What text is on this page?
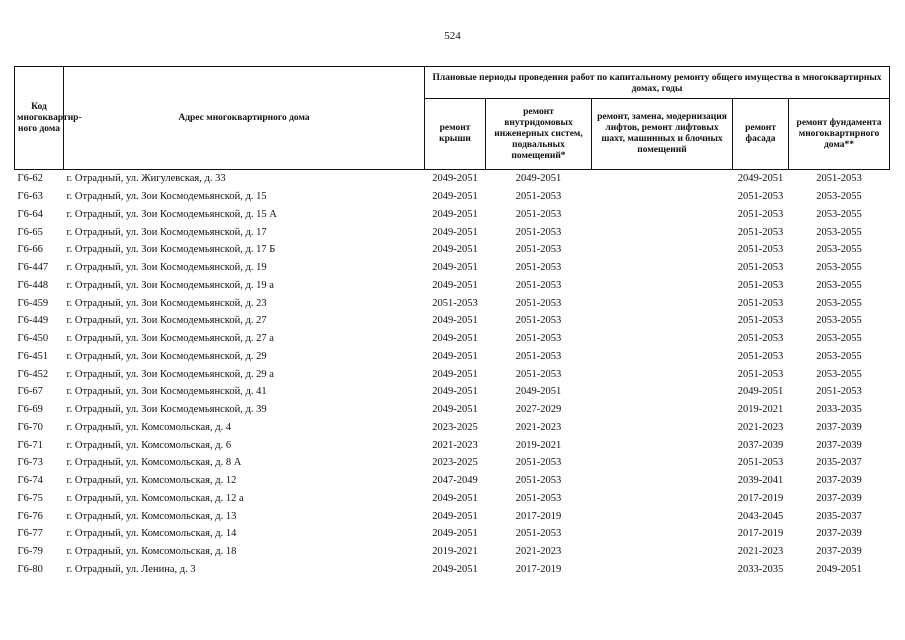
524
Код многоквартир-ного дома	Адрес многоквартирного дома	Плановые периоды проведения работ по капитальному ремонту общего имущества в многоквартирных домах, годы				
		ремонт крыши	ремонт внутридомовых инженерных систем, подвальных помещений*	ремонт, замена, модернизация лифтов, ремонт лифтовых шахт, машинных и блочных помещений	ремонт фасада	ремонт фундамента многоквартирного дома**
Г6-62	г. Отрадный, ул. Жигулевская, д. 33	2049-2051	2049-2051		2049-2051	2051-2053
Г6-63	г. Отрадный, ул. Зои Космодемьянской, д. 15	2049-2051	2051-2053		2051-2053	2053-2055
Г6-64	г. Отрадный, ул. Зои Космодемьянской, д. 15 А	2049-2051	2051-2053		2051-2053	2053-2055
Г6-65	г. Отрадный, ул. Зои Космодемьянской, д. 17	2049-2051	2051-2053		2051-2053	2053-2055
Г6-66	г. Отрадный, ул. Зои Космодемьянской, д. 17 Б	2049-2051	2051-2053		2051-2053	2053-2055
Г6-447	г. Отрадный, ул. Зои Космодемьянской, д. 19	2049-2051	2051-2053		2051-2053	2053-2055
Г6-448	г. Отрадный, ул. Зои Космодемьянской, д. 19 а	2049-2051	2051-2053		2051-2053	2053-2055
Г6-459	г. Отрадный, ул. Зои Космодемьянской, д. 23	2051-2053	2051-2053		2051-2053	2053-2055
Г6-449	г. Отрадный, ул. Зои Космодемьянской, д. 27	2049-2051	2051-2053		2051-2053	2053-2055
Г6-450	г. Отрадный, ул. Зои Космодемьянской, д. 27 а	2049-2051	2051-2053		2051-2053	2053-2055
Г6-451	г. Отрадный, ул. Зои Космодемьянской, д. 29	2049-2051	2051-2053		2051-2053	2053-2055
Г6-452	г. Отрадный, ул. Зои Космодемьянской, д. 29 а	2049-2051	2051-2053		2051-2053	2053-2055
Г6-67	г. Отрадный, ул. Зои Космодемьянской, д. 41	2049-2051	2049-2051		2049-2051	2051-2053
Г6-69	г. Отрадный, ул. Зои Космодемьянской, д. 39	2049-2051	2027-2029		2019-2021	2033-2035
Г6-70	г. Отрадный, ул. Комсомольская, д. 4	2023-2025	2021-2023		2021-2023	2037-2039
Г6-71	г. Отрадный, ул. Комсомольская, д. 6	2021-2023	2019-2021		2037-2039	2037-2039
Г6-73	г. Отрадный, ул. Комсомольская, д. 8 А	2023-2025	2051-2053		2051-2053	2035-2037
Г6-74	г. Отрадный, ул. Комсомольская, д. 12	2047-2049	2051-2053		2039-2041	2037-2039
Г6-75	г. Отрадный, ул. Комсомольская, д. 12 а	2049-2051	2051-2053		2017-2019	2037-2039
Г6-76	г. Отрадный, ул. Комсомольская, д. 13	2049-2051	2017-2019		2043-2045	2035-2037
Г6-77	г. Отрадный, ул. Комсомольская, д. 14	2049-2051	2051-2053		2017-2019	2037-2039
Г6-79	г. Отрадный, ул. Комсомольская, д. 18	2019-2021	2021-2023		2021-2023	2037-2039
Г6-80	г. Отрадный, ул. Ленина, д. 3	2049-2051	2017-2019		2033-2035	2049-2051
